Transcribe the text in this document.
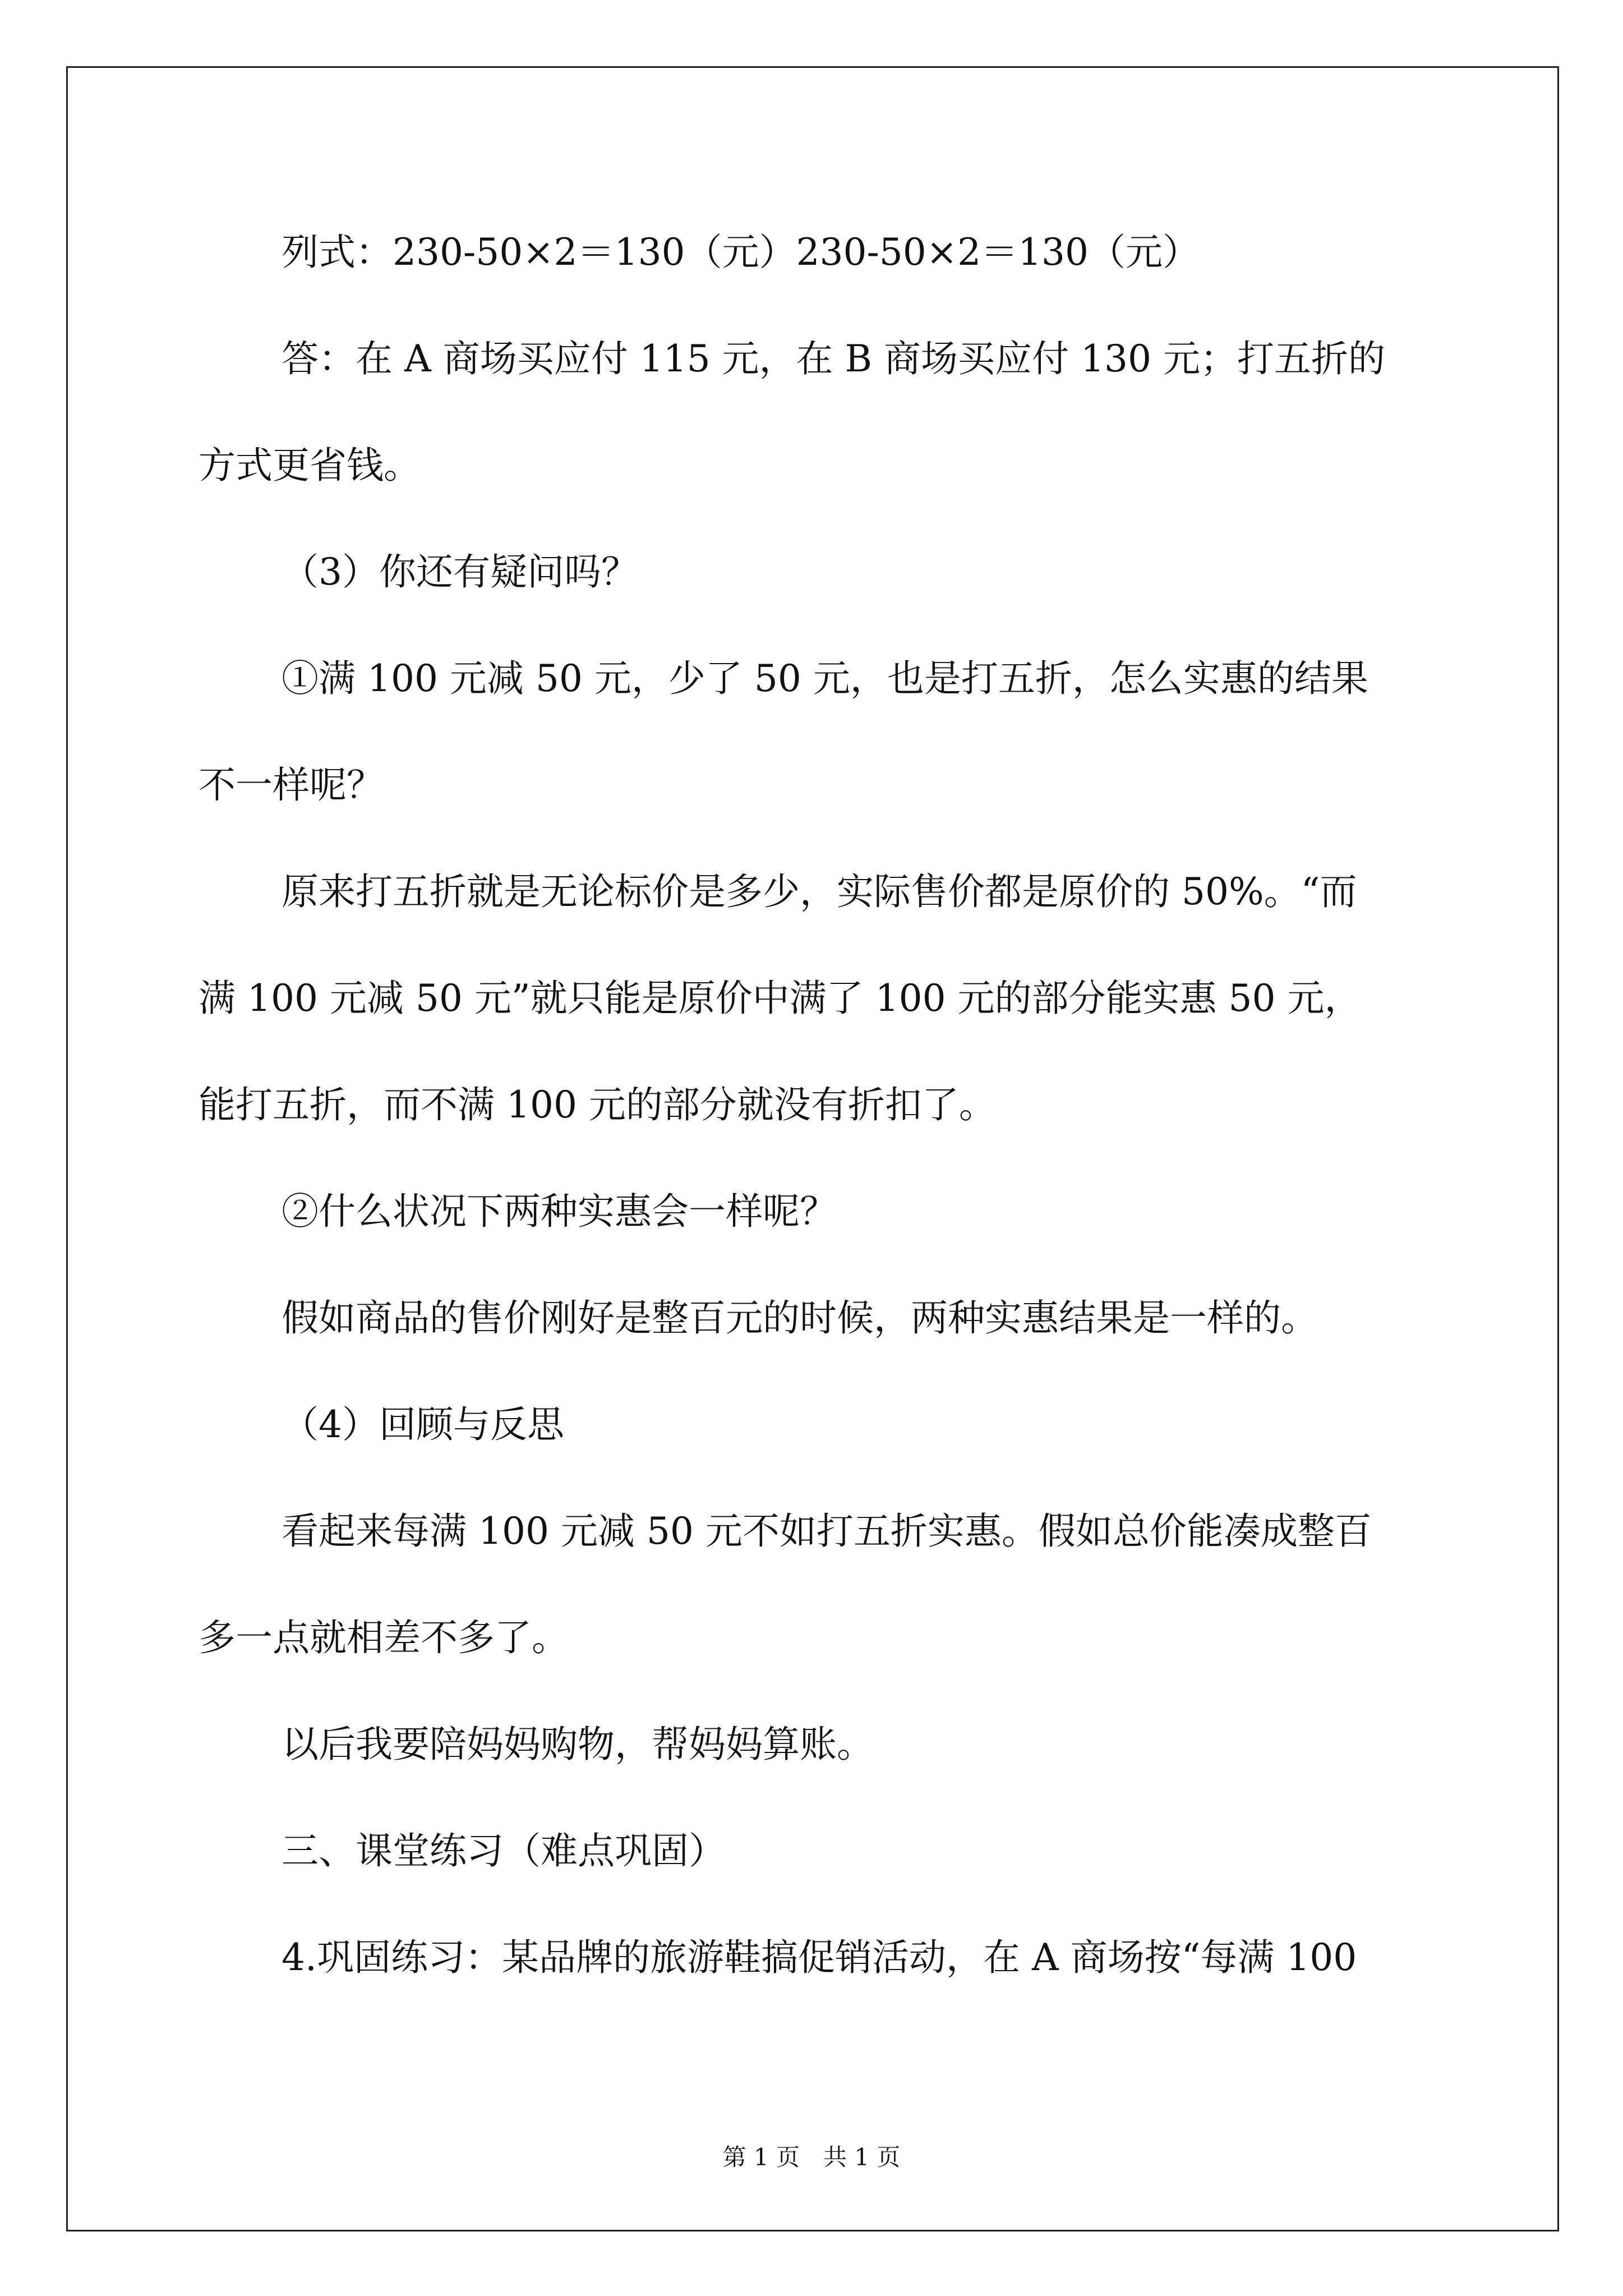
列式：230-50×2＝130（元）230-50×2＝130（元）
答：在 A 商场买应付 115 元，在 B 商场买应付 130 元；打五折的
方式更省钱。
（3）你还有疑问吗？
①满 100 元减 50 元，少了 50 元，也是打五折，怎么实惠的结果
不一样呢？
原来打五折就是无论标价是多少，实际售价都是原价的 50%。“而
满 100 元减 50 元”就只能是原价中满了 100 元的部分能实惠 50 元，
能打五折，而不满 100 元的部分就没有折扣了。
②什么状况下两种实惠会一样呢？
假如商品的售价刚好是整百元的时候，两种实惠结果是一样的。
（4）回顾与反思
看起来每满 100 元减 50 元不如打五折实惠。假如总价能凑成整百
多一点就相差不多了。
以后我要陪妈妈购物，帮妈妈算账。
三、课堂练习（难点巩固）
4.巩固练习：某品牌的旅游鞋搞促销活动，在 A 商场按“每满 100
第 1 页　共 1 页
